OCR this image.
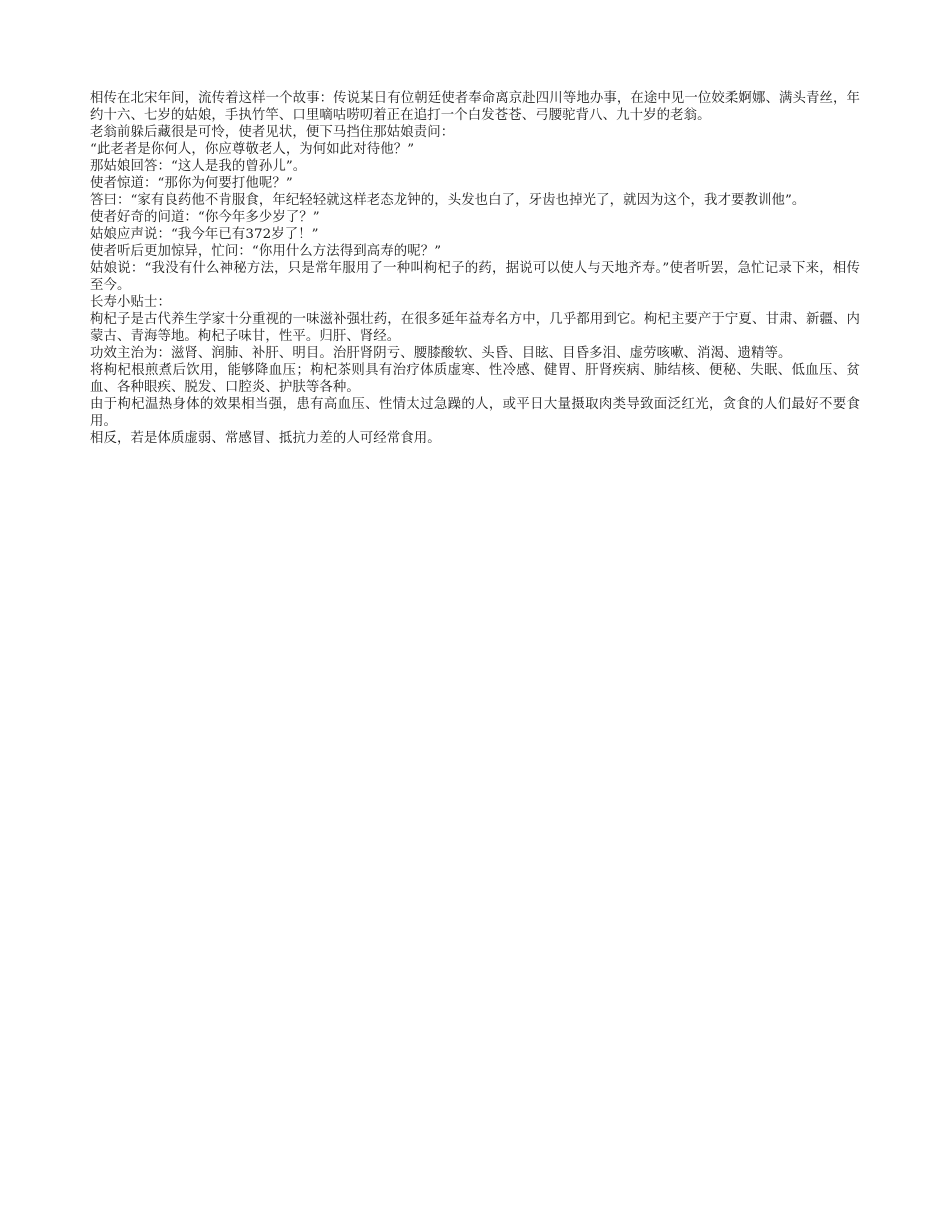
相传在北宋年间，流传着这样一个故事：传说某日有位朝廷使者奉命离京赴四川等地办事，在途中见一位姣柔婀娜、满头青丝，年约十六、七岁的姑娘，手执竹竿、口里嘀咕唠叨着正在追打一个白发苍苍、弓腰驼背八、九十岁的老翁。

老翁前躲后藏很是可怜，使者见状，便下马挡住那姑娘责问：

“此老者是你何人，你应尊敬老人，为何如此对待他？”

那姑娘回答：“这人是我的曾孙儿”。

使者惊道：“那你为何要打他呢？”

答曰：“家有良药他不肯服食，年纪轻轻就这样老态龙钟的，头发也白了，牙齿也掉光了，就因为这个，我才要教训他”。

使者好奇的问道：“你今年多少岁了？”

姑娘应声说：“我今年已有372岁了！”

使者听后更加惊异，忙问：“你用什么方法得到高寿的呢？”

姑娘说：“我没有什么神秘方法，只是常年服用了一种叫枸杞子的药，据说可以使人与天地齐寿。”使者听罢，急忙记录下来，相传至今。

长寿小贴士：

枸杞子是古代养生学家十分重视的一味滋补强壮药，在很多延年益寿名方中，几乎都用到它。枸杞主要产于宁夏、甘肃、新疆、内蒙古、青海等地。枸杞子味甘，性平。归肝、肾经。

功效主治为：滋肾、润肺、补肝、明目。治肝肾阴亏、腰膝酸软、头昏、目眩、目昏多泪、虚劳咳嗽、消渴、遗精等。

将枸杞根煎煮后饮用，能够降血压；枸杞茶则具有治疗体质虚寒、性冷感、健胃、肝肾疾病、肺结核、便秘、失眠、低血压、贫血、各种眼疾、脱发、口腔炎、护肤等各种。

由于枸杞温热身体的效果相当强，患有高血压、性情太过急躁的人，或平日大量摄取肉类导致面泛红光，贪食的人们最好不要食用。

相反，若是体质虚弱、常感冒、抵抗力差的人可经常食用。
